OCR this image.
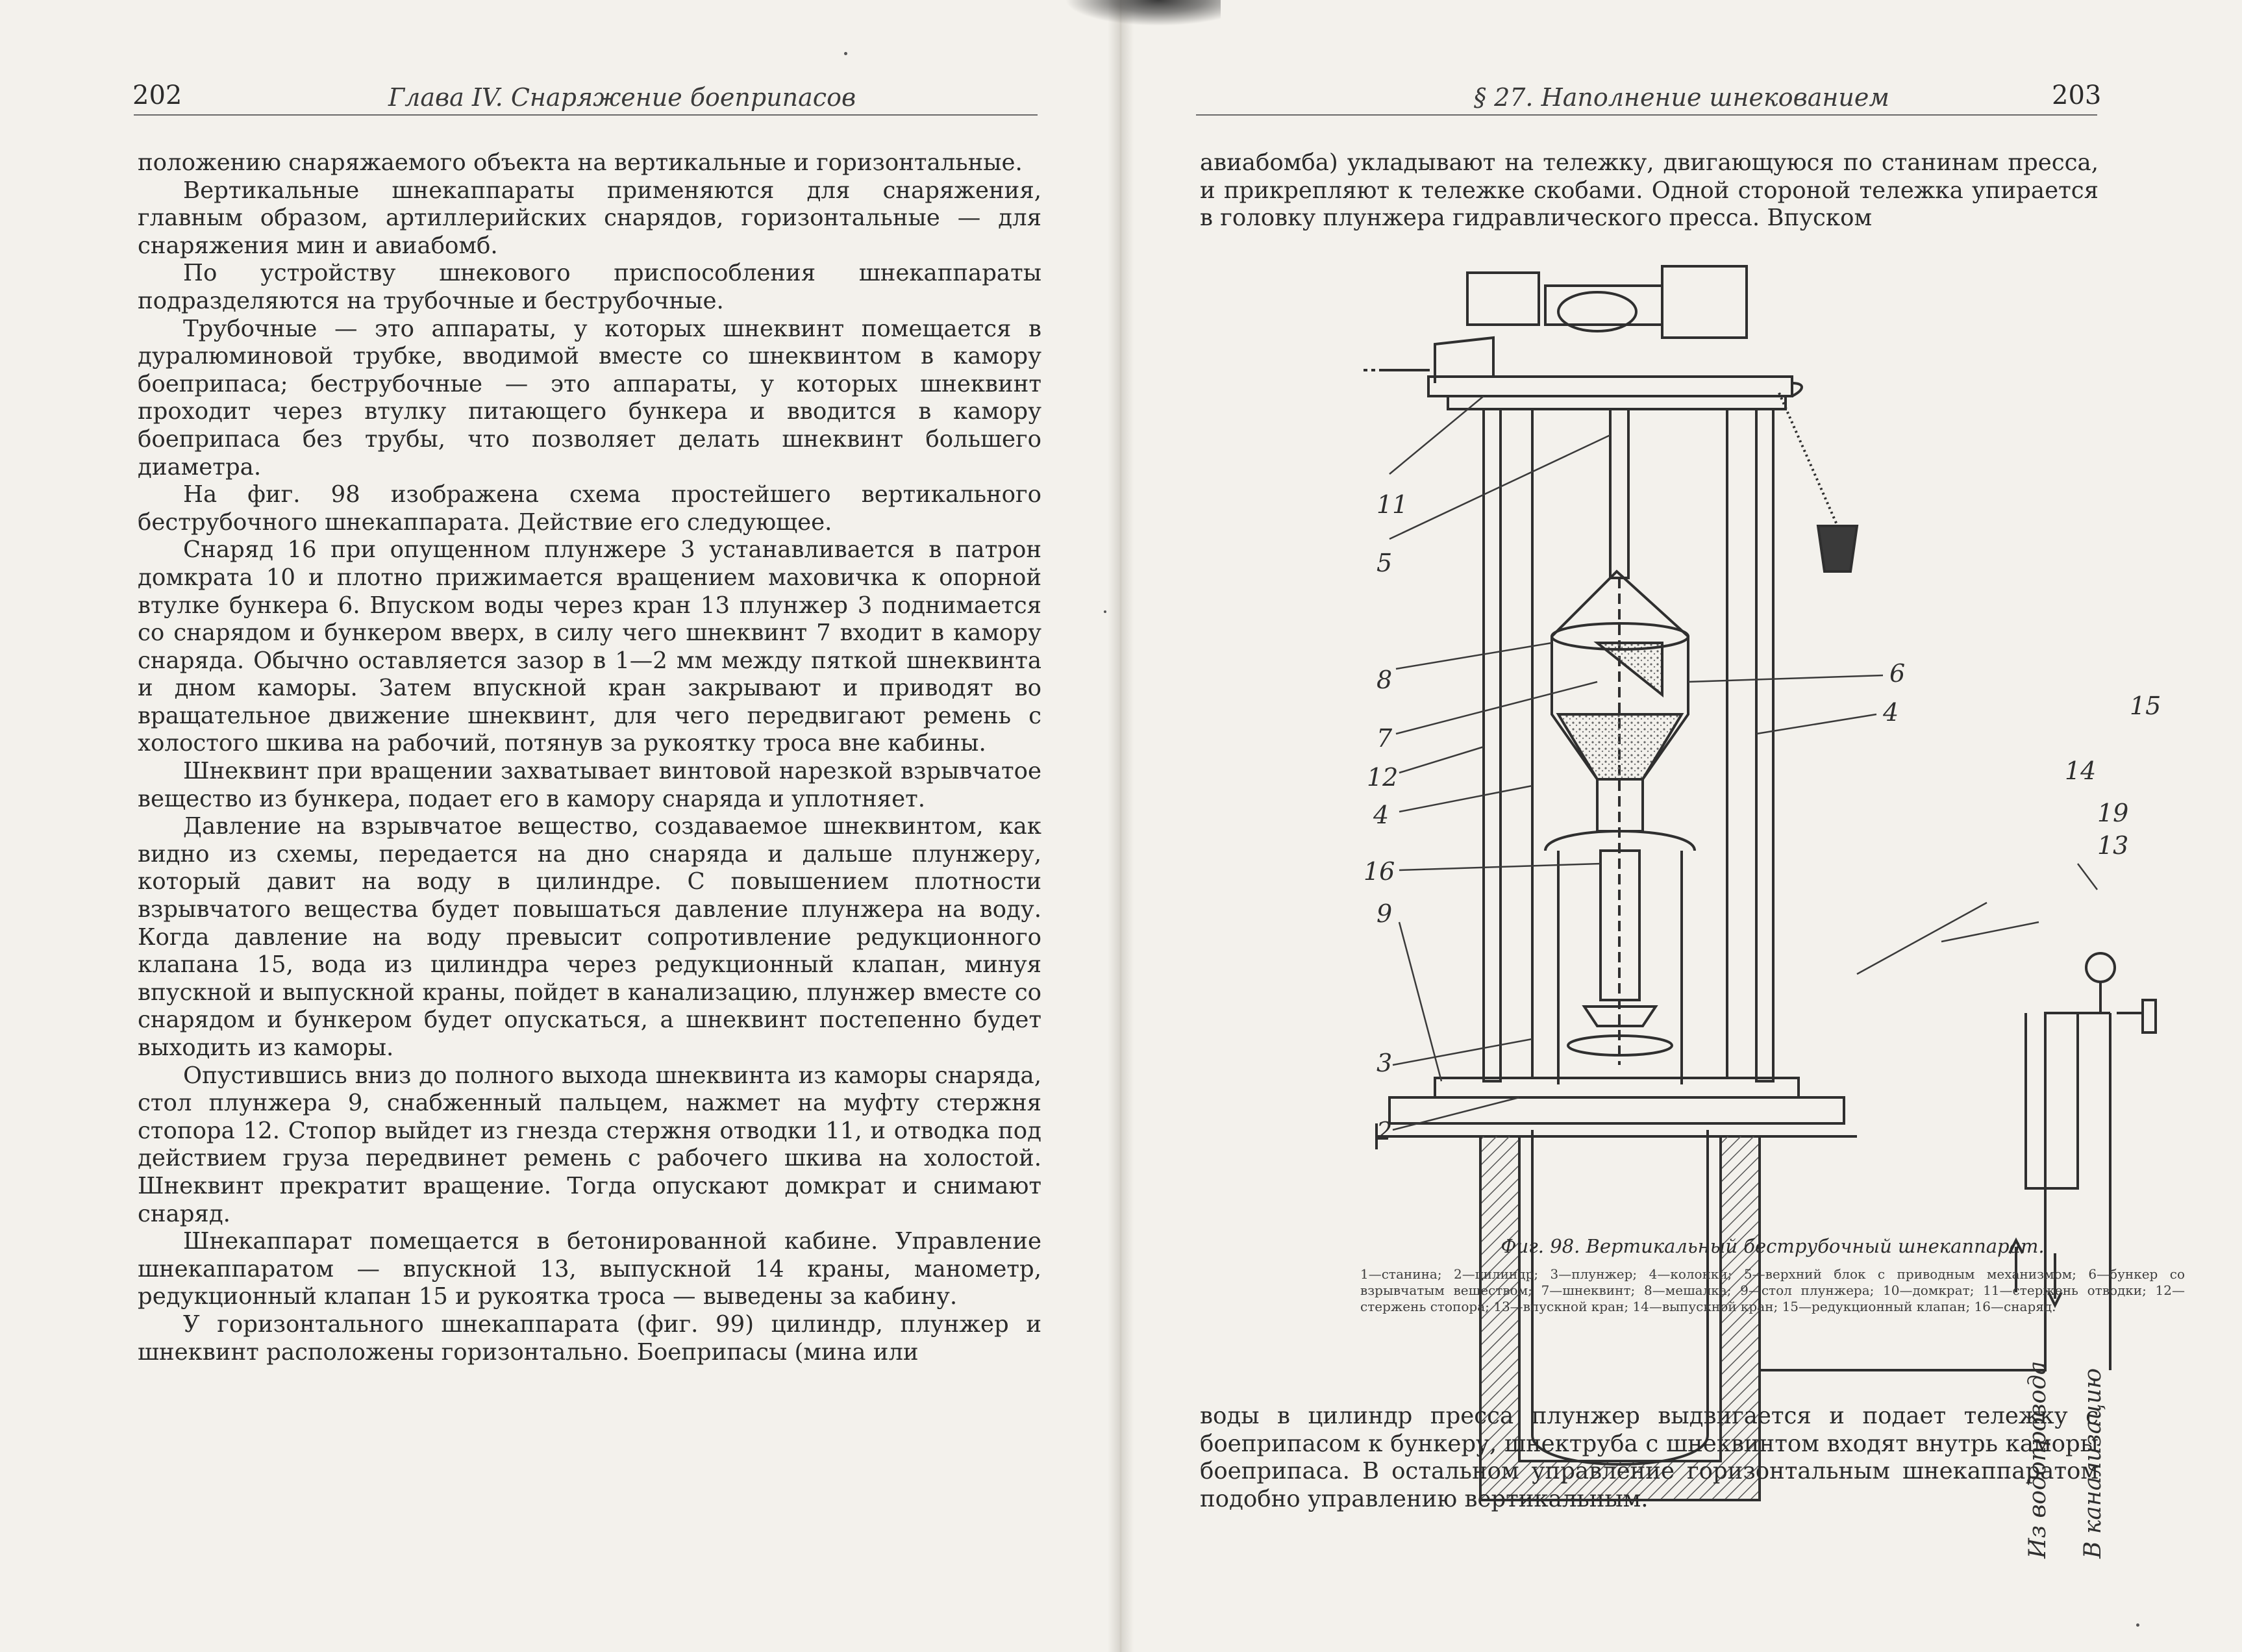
202	Глава IV. Снаряжение боеприпасов

положению снаряжаемого объекта на вертикальные и горизонтальные.

Вертикальные шнекаппараты применяются для снаряжения, главным образом, артиллерийских снарядов, горизонтальные — для снаряжения мин и авиабомб.

По устройству шнекового приспособления шнекаппараты подразделяются на трубочные и беструбочные.

Трубочные — это аппараты, у которых шнеквинт помещается в дуралюминовой трубке, вводимой вместе со шнеквинтом в камору боеприпаса; беструбочные — это аппараты, у которых шнеквинт проходит через втулку питающего бункера и вводится в камору боеприпаса без трубы, что позволяет делать шнеквинт большего диаметра.

На фиг. 98 изображена схема простейшего вертикального беструбочного шнекаппарата. Действие его следующее.

Снаряд 16 при опущенном плунжере 3 устанавливается в патрон домкрата 10 и плотно прижимается вращением маховичка к опорной втулке бункера 6. Впуском воды через кран 13 плунжер 3 поднимается со снарядом и бункером вверх, в силу чего шнеквинт 7 входит в камору снаряда. Обычно оставляется зазор в 1—2 мм между пяткой шнеквинта и дном каморы. Затем впускной кран закрывают и приводят во вращательное движение шнеквинт, для чего передвигают ремень с холостого шкива на рабочий, потянув за рукоятку троса вне кабины.

Шнеквинт при вращении захватывает винтовой нарезкой взрывчатое вещество из бункера, подает его в камору снаряда и уплотняет.

Давление на взрывчатое вещество, создаваемое шнеквинтом, как видно из схемы, передается на дно снаряда и дальше плунжеру, который давит на воду в цилиндре. С повышением плотности взрывчатого вещества будет повышаться давление плунжера на воду. Когда давление на воду превысит сопротивление редукционного клапана 15, вода из цилиндра через редукционный клапан, минуя впускной и выпускной краны, пойдет в канализацию, плунжер вместе со снарядом и бункером будет опускаться, а шнеквинт постепенно будет выходить из каморы.

Опустившись вниз до полного выхода шнеквинта из каморы снаряда, стол плунжера 9, снабженный пальцем, нажмет на муфту стержня стопора 12. Стопор выйдет из гнезда стержня отводки 11, и отводка под действием груза передвинет ремень с рабочего шкива на холостой. Шнеквинт прекратит вращение. Тогда опускают домкрат и снимают снаряд.

Шнекаппарат помещается в бетонированной кабине. Управление шнекаппаратом — впускной 13, выпускной 14 краны, манометр, редукционный клапан 15 и рукоятка троса — выведены за кабину.

У горизонтального шнекаппарата (фиг. 99) цилиндр, плунжер и шнеквинт расположены горизонтально. Боеприпасы (мина или

§ 27. Наполнение шнекованием	203

авиабомба) укладывают на тележку, двигающуюся по станинам пресса, и прикрепляют к тележке скобами. Одной стороной тележка упирается в головку плунжера гидравлического пресса. Впуском

11
5
8
7
12
4
16
9
3
2
6
4	15
14
19
13
Из водопровода В канализацию
Фиг. 98. Вертикальный беструбочный шнекаппарат.
1—станина; 2—цилиндр; 3—плунжер; 4—колонки; 5—верхний блок с приводным механизмом; 6—бункер со взрывчатым веществом; 7—шнеквинт; 8—мешалка; 9—стол плунжера; 10—домкрат; 11—стержень отводки; 12—стержень стопора; 13—впускной кран; 14—выпускной кран; 15—редукционный клапан; 16—снаряд.

воды в цилиндр пресса плунжер выдвигается и подает тележку с боеприпасом к бункеру, шнектруба с шнеквинтом входят внутрь каморы боеприпаса. В остальном управление горизонтальным шнекаппаратом подобно управлению вертикальным.
